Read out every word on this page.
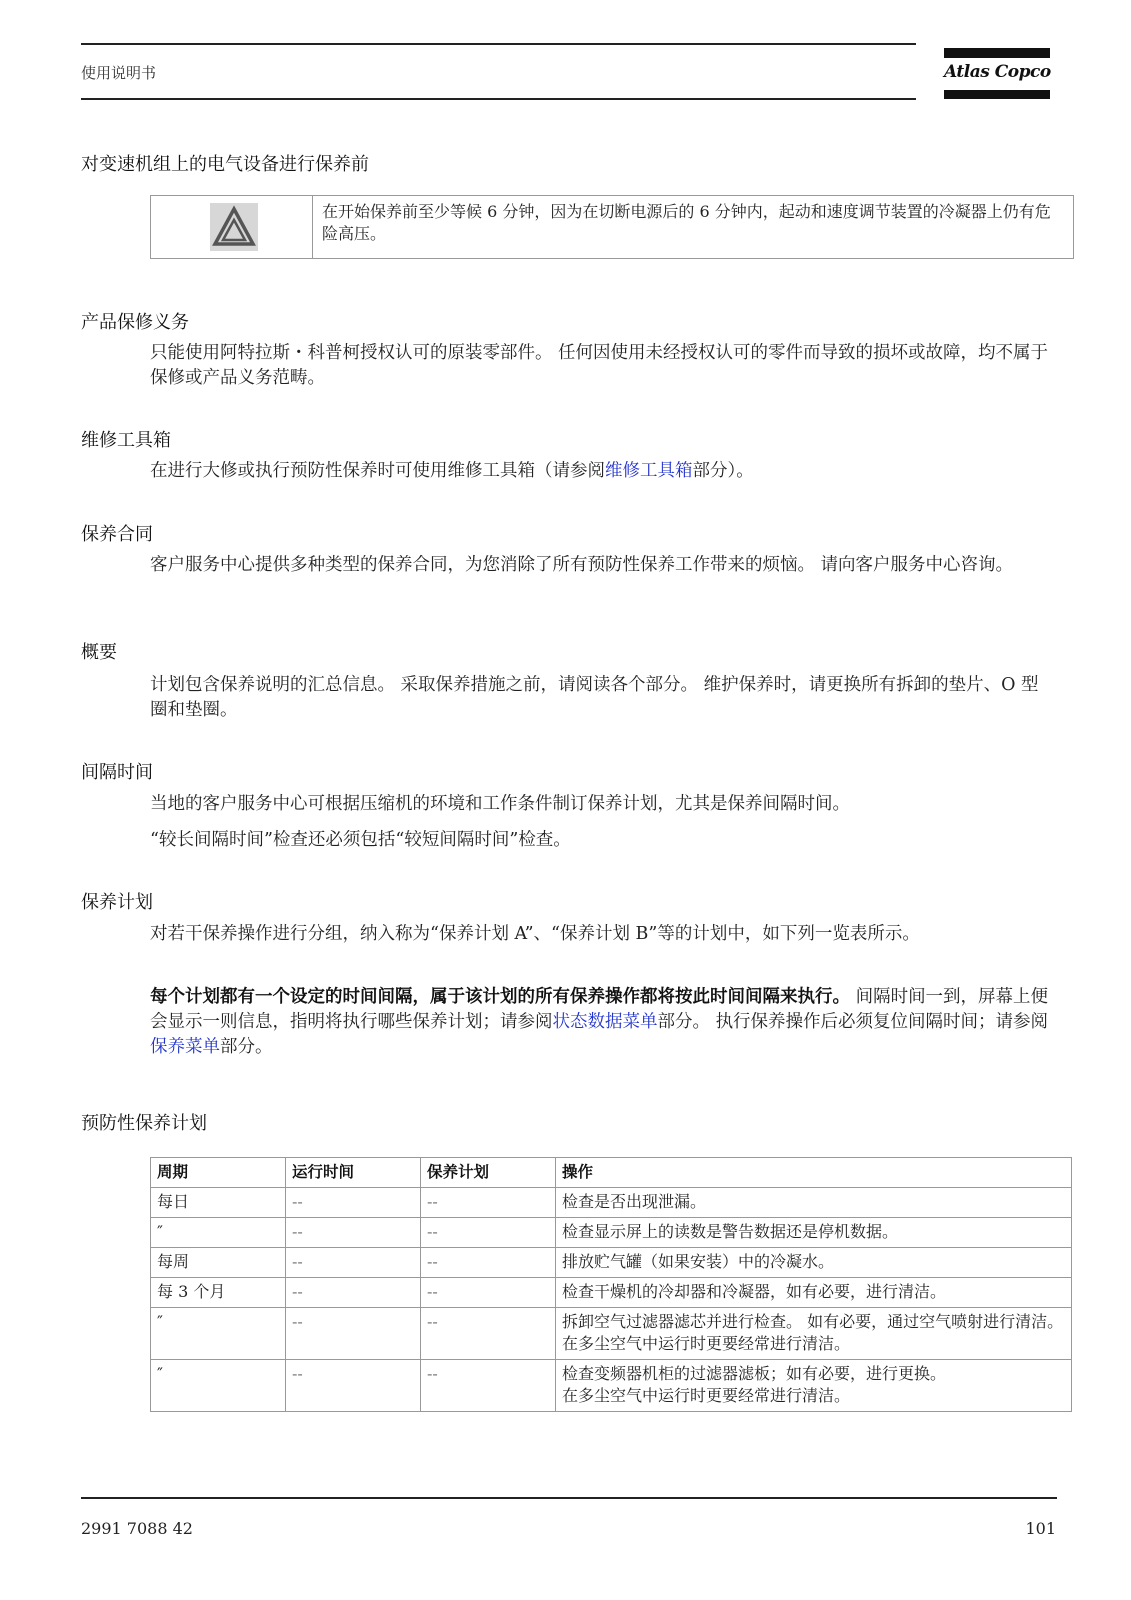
使用说明书	Atlas Copco
对变速机组上的电气设备进行保养前
在开始保养前至少等候 6 分钟，因为在切断电源后的 6 分钟内，起动和速度调节装置的冷凝器上仍有危险高压。
产品保修义务
只能使用阿特拉斯・科普柯授权认可的原装零部件。 任何因使用未经授权认可的零件而导致的损坏或故障，均不属于保修或产品义务范畴。
维修工具箱
在进行大修或执行预防性保养时可使用维修工具箱（请参阅维修工具箱部分）。
保养合同
客户服务中心提供多种类型的保养合同，为您消除了所有预防性保养工作带来的烦恼。 请向客户服务中心咨询。
概要
计划包含保养说明的汇总信息。 采取保养措施之前，请阅读各个部分。 维护保养时，请更换所有拆卸的垫片、O 型圈和垫圈。
间隔时间
当地的客户服务中心可根据压缩机的环境和工作条件制订保养计划，尤其是保养间隔时间。
“较长间隔时间”检查还必须包括“较短间隔时间”检查。
保养计划
对若干保养操作进行分组，纳入称为“保养计划 A”、“保养计划 B”等的计划中，如下列一览表所示。
每个计划都有一个设定的时间间隔，属于该计划的所有保养操作都将按此时间间隔来执行。 间隔时间一到，屏幕上便会显示一则信息，指明将执行哪些保养计划；请参阅状态数据菜单部分。 执行保养操作后必须复位间隔时间；请参阅保养菜单部分。
预防性保养计划
周期	运行时间	保养计划	操作
每日	--	--	检查是否出现泄漏。
″	--	--	检查显示屏上的读数是警告数据还是停机数据。
每周	--	--	排放贮气罐（如果安装）中的冷凝水。
每 3 个月	--	--	检查干燥机的冷却器和冷凝器，如有必要，进行清洁。
″	--	--	拆卸空气过滤器滤芯并进行检查。 如有必要，通过空气喷射进行清洁。
在多尘空气中运行时更要经常进行清洁。

″	--	--	检查变频器机柜的过滤器滤板；如有必要，进行更换。
在多尘空气中运行时更要经常进行清洁。
2991 7088 42	101
